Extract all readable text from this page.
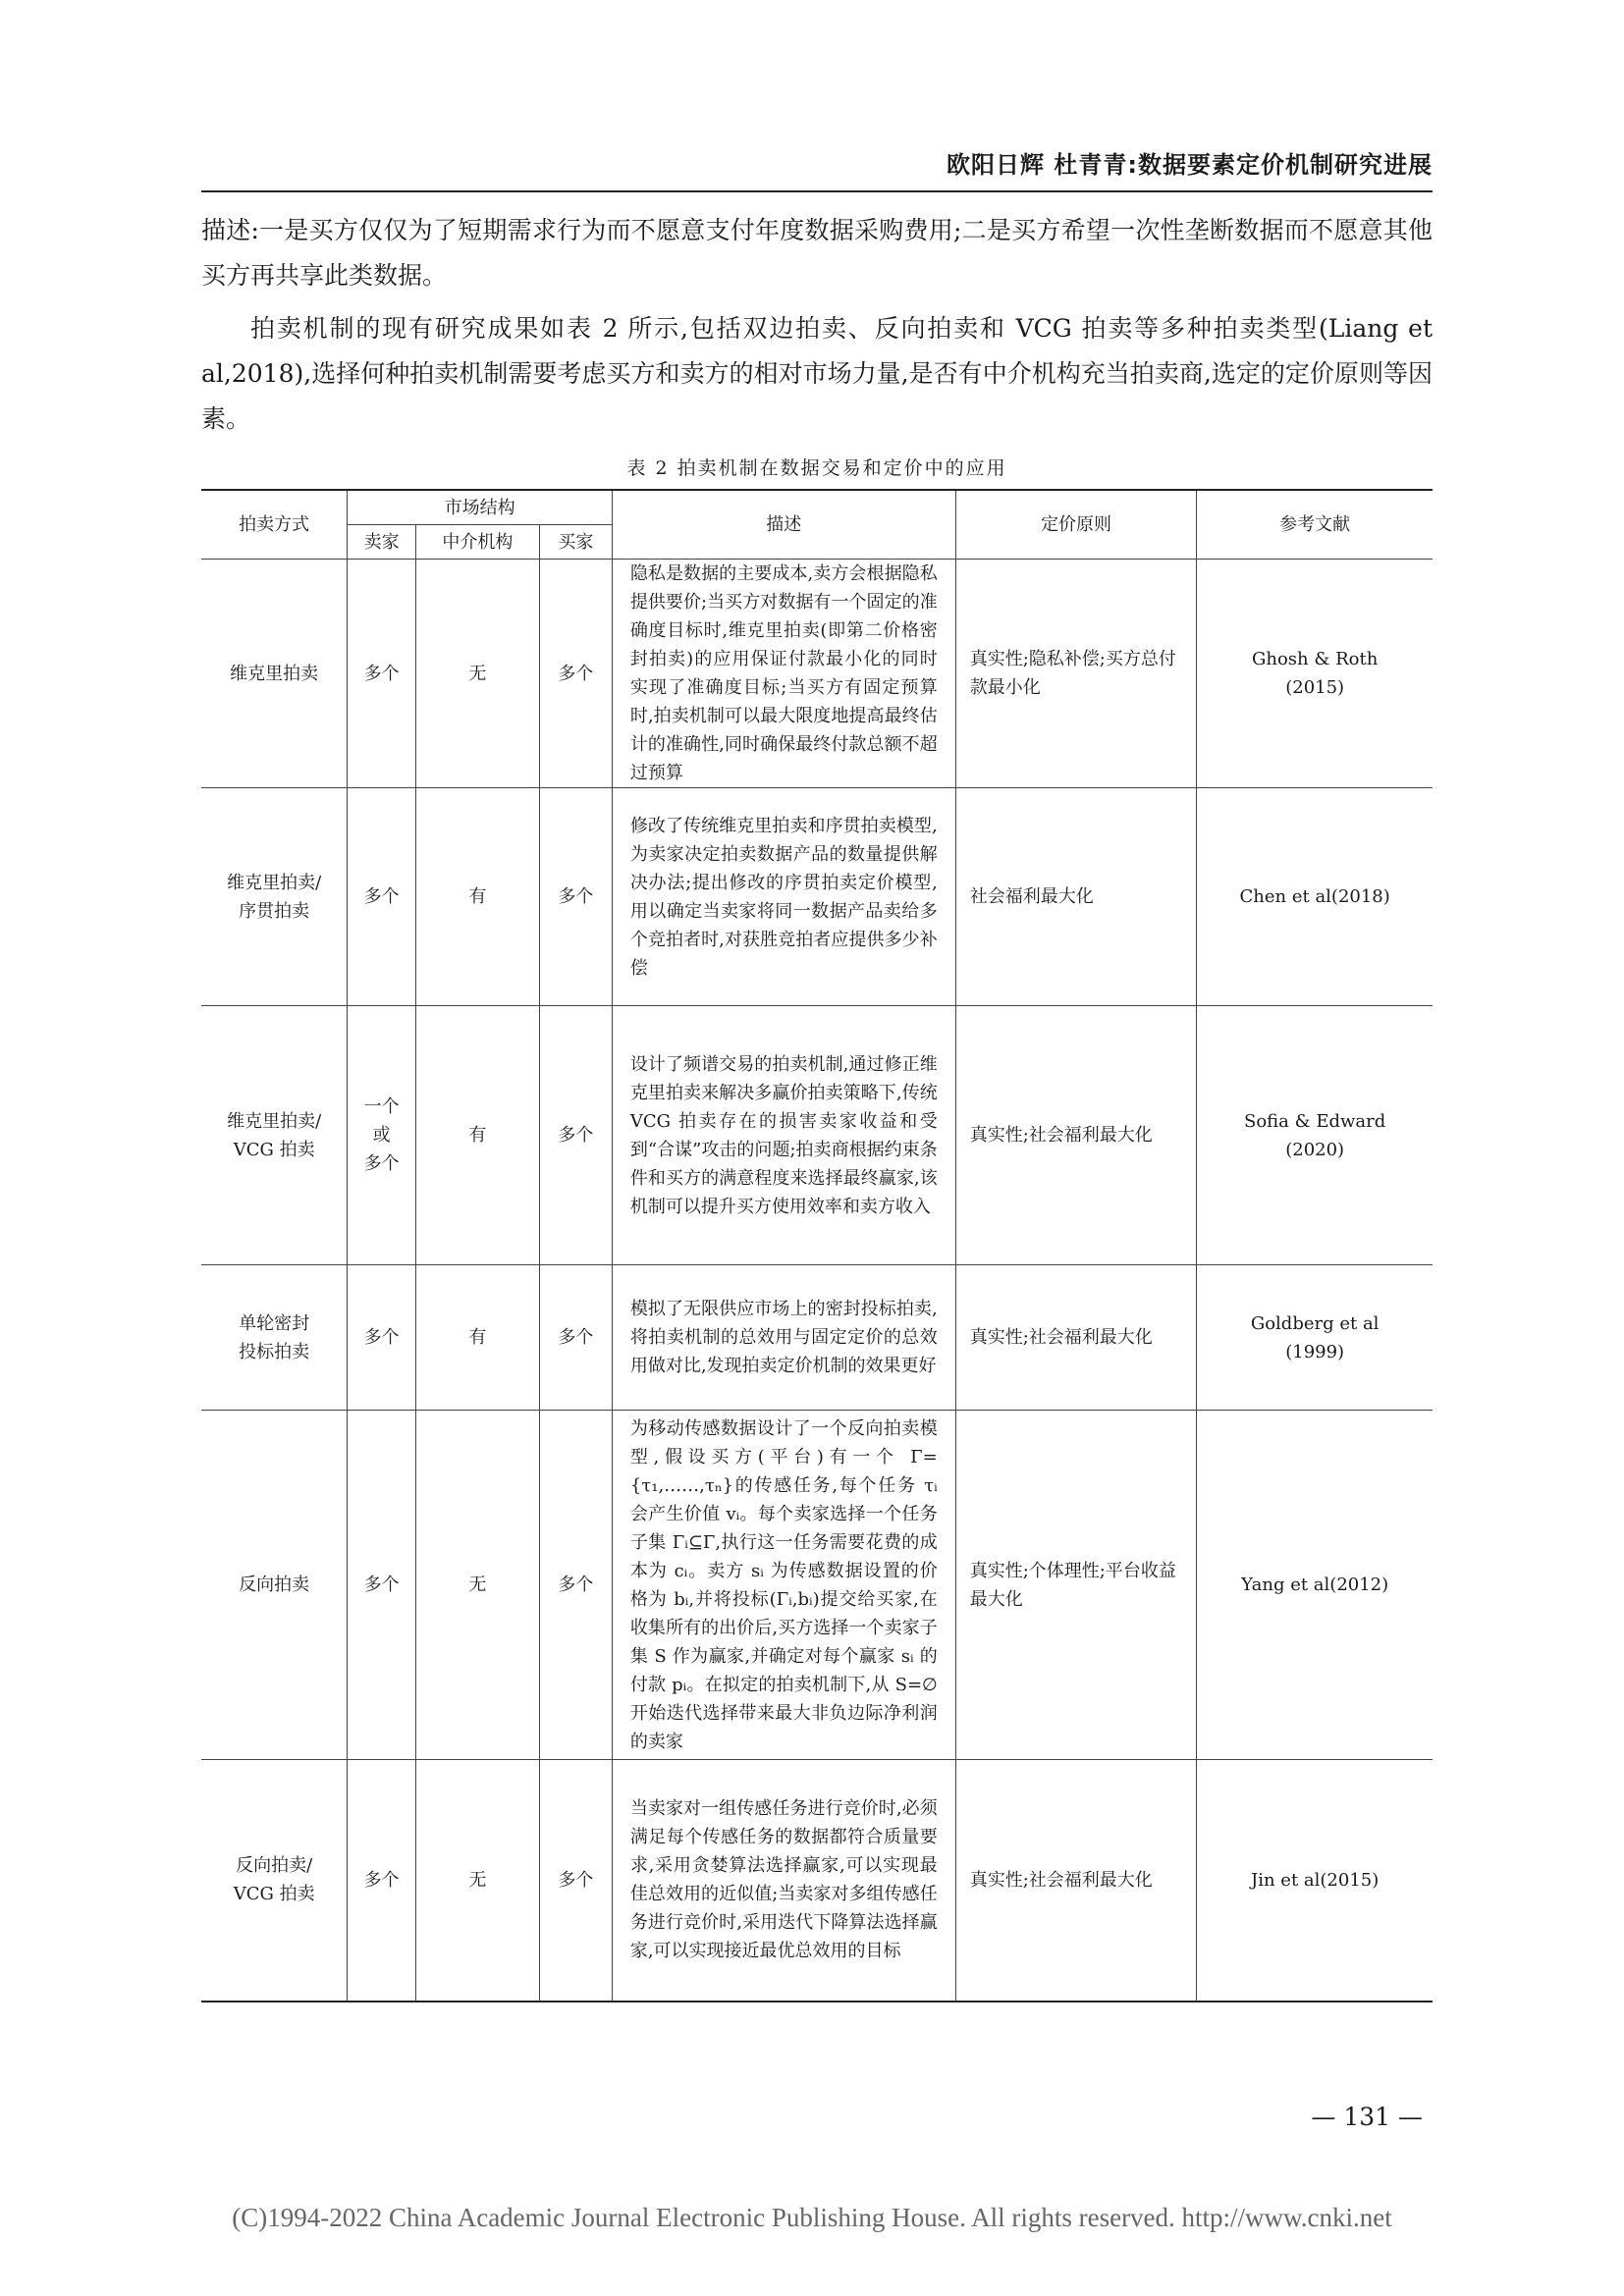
欧阳日辉 杜青青:数据要素定价机制研究进展

描述:一是买方仅仅为了短期需求行为而不愿意支付年度数据采购费用;二是买方希望一次性垄断数据而不愿意其他买方再共享此类数据。

拍卖机制的现有研究成果如表 2 所示,包括双边拍卖、反向拍卖和 VCG 拍卖等多种拍卖类型(Liang et al,2018),选择何种拍卖机制需要考虑买方和卖方的相对市场力量,是否有中介机构充当拍卖商,选定的定价原则等因素。

表 2 拍卖机制在数据交易和定价中的应用
拍卖方式	市场结构			描述	定价原则	参考文献
	卖家	中介机构	买家			
维克里拍卖	多个	无	多个	隐私是数据的主要成本,卖方会根据隐私提供要价;当买方对数据有一个固定的准确度目标时,维克里拍卖(即第二价格密封拍卖)的应用保证付款最小化的同时实现了准确度目标;当买方有固定预算时,拍卖机制可以最大限度地提高最终估计的准确性,同时确保最终付款总额不超过预算	真实性;隐私补偿;买方总付款最小化	Ghosh & Roth
(2015)
维克里拍卖/
序贯拍卖	多个	有	多个	修改了传统维克里拍卖和序贯拍卖模型,为卖家决定拍卖数据产品的数量提供解决办法;提出修改的序贯拍卖定价模型,用以确定当卖家将同一数据产品卖给多个竞拍者时,对获胜竞拍者应提供多少补偿	社会福利最大化	Chen et al(2018)
维克里拍卖/
VCG 拍卖	一个
或
多个	有	多个	设计了频谱交易的拍卖机制,通过修正维克里拍卖来解决多赢价拍卖策略下,传统 VCG 拍卖存在的损害卖家收益和受到“合谋”攻击的问题;拍卖商根据约束条件和买方的满意程度来选择最终赢家,该机制可以提升买方使用效率和卖方收入	真实性;社会福利最大化	Sofia & Edward
(2020)
单轮密封
投标拍卖	多个	有	多个	模拟了无限供应市场上的密封投标拍卖,将拍卖机制的总效用与固定定价的总效用做对比,发现拍卖定价机制的效果更好	真实性;社会福利最大化	Goldberg et al
(1999)
反向拍卖	多个	无	多个	为移动传感数据设计了一个反向拍卖模型,假设买方(平台)有一个 Γ={τ₁,……,τₙ}的传感任务,每个任务 τᵢ 会产生价值 vᵢ。每个卖家选择一个任务子集 Γᵢ⊆Γ,执行这一任务需要花费的成本为 cᵢ。卖方 sᵢ 为传感数据设置的价格为 bᵢ,并将投标(Γᵢ,bᵢ)提交给买家,在收集所有的出价后,买方选择一个卖家子集 S 作为赢家,并确定对每个赢家 sᵢ 的付款 pᵢ。在拟定的拍卖机制下,从 S=∅ 开始迭代选择带来最大非负边际净利润的卖家	真实性;个体理性;平台收益最大化	Yang et al(2012)
反向拍卖/
VCG 拍卖	多个	无	多个	当卖家对一组传感任务进行竞价时,必须满足每个传感任务的数据都符合质量要求,采用贪婪算法选择赢家,可以实现最佳总效用的近似值;当卖家对多组传感任务进行竞价时,采用迭代下降算法选择赢家,可以实现接近最优总效用的目标	真实性;社会福利最大化	Jin et al(2015)
— 131 —
(C)1994-2022 China Academic Journal Electronic Publishing House. All rights reserved. http://www.cnki.net
